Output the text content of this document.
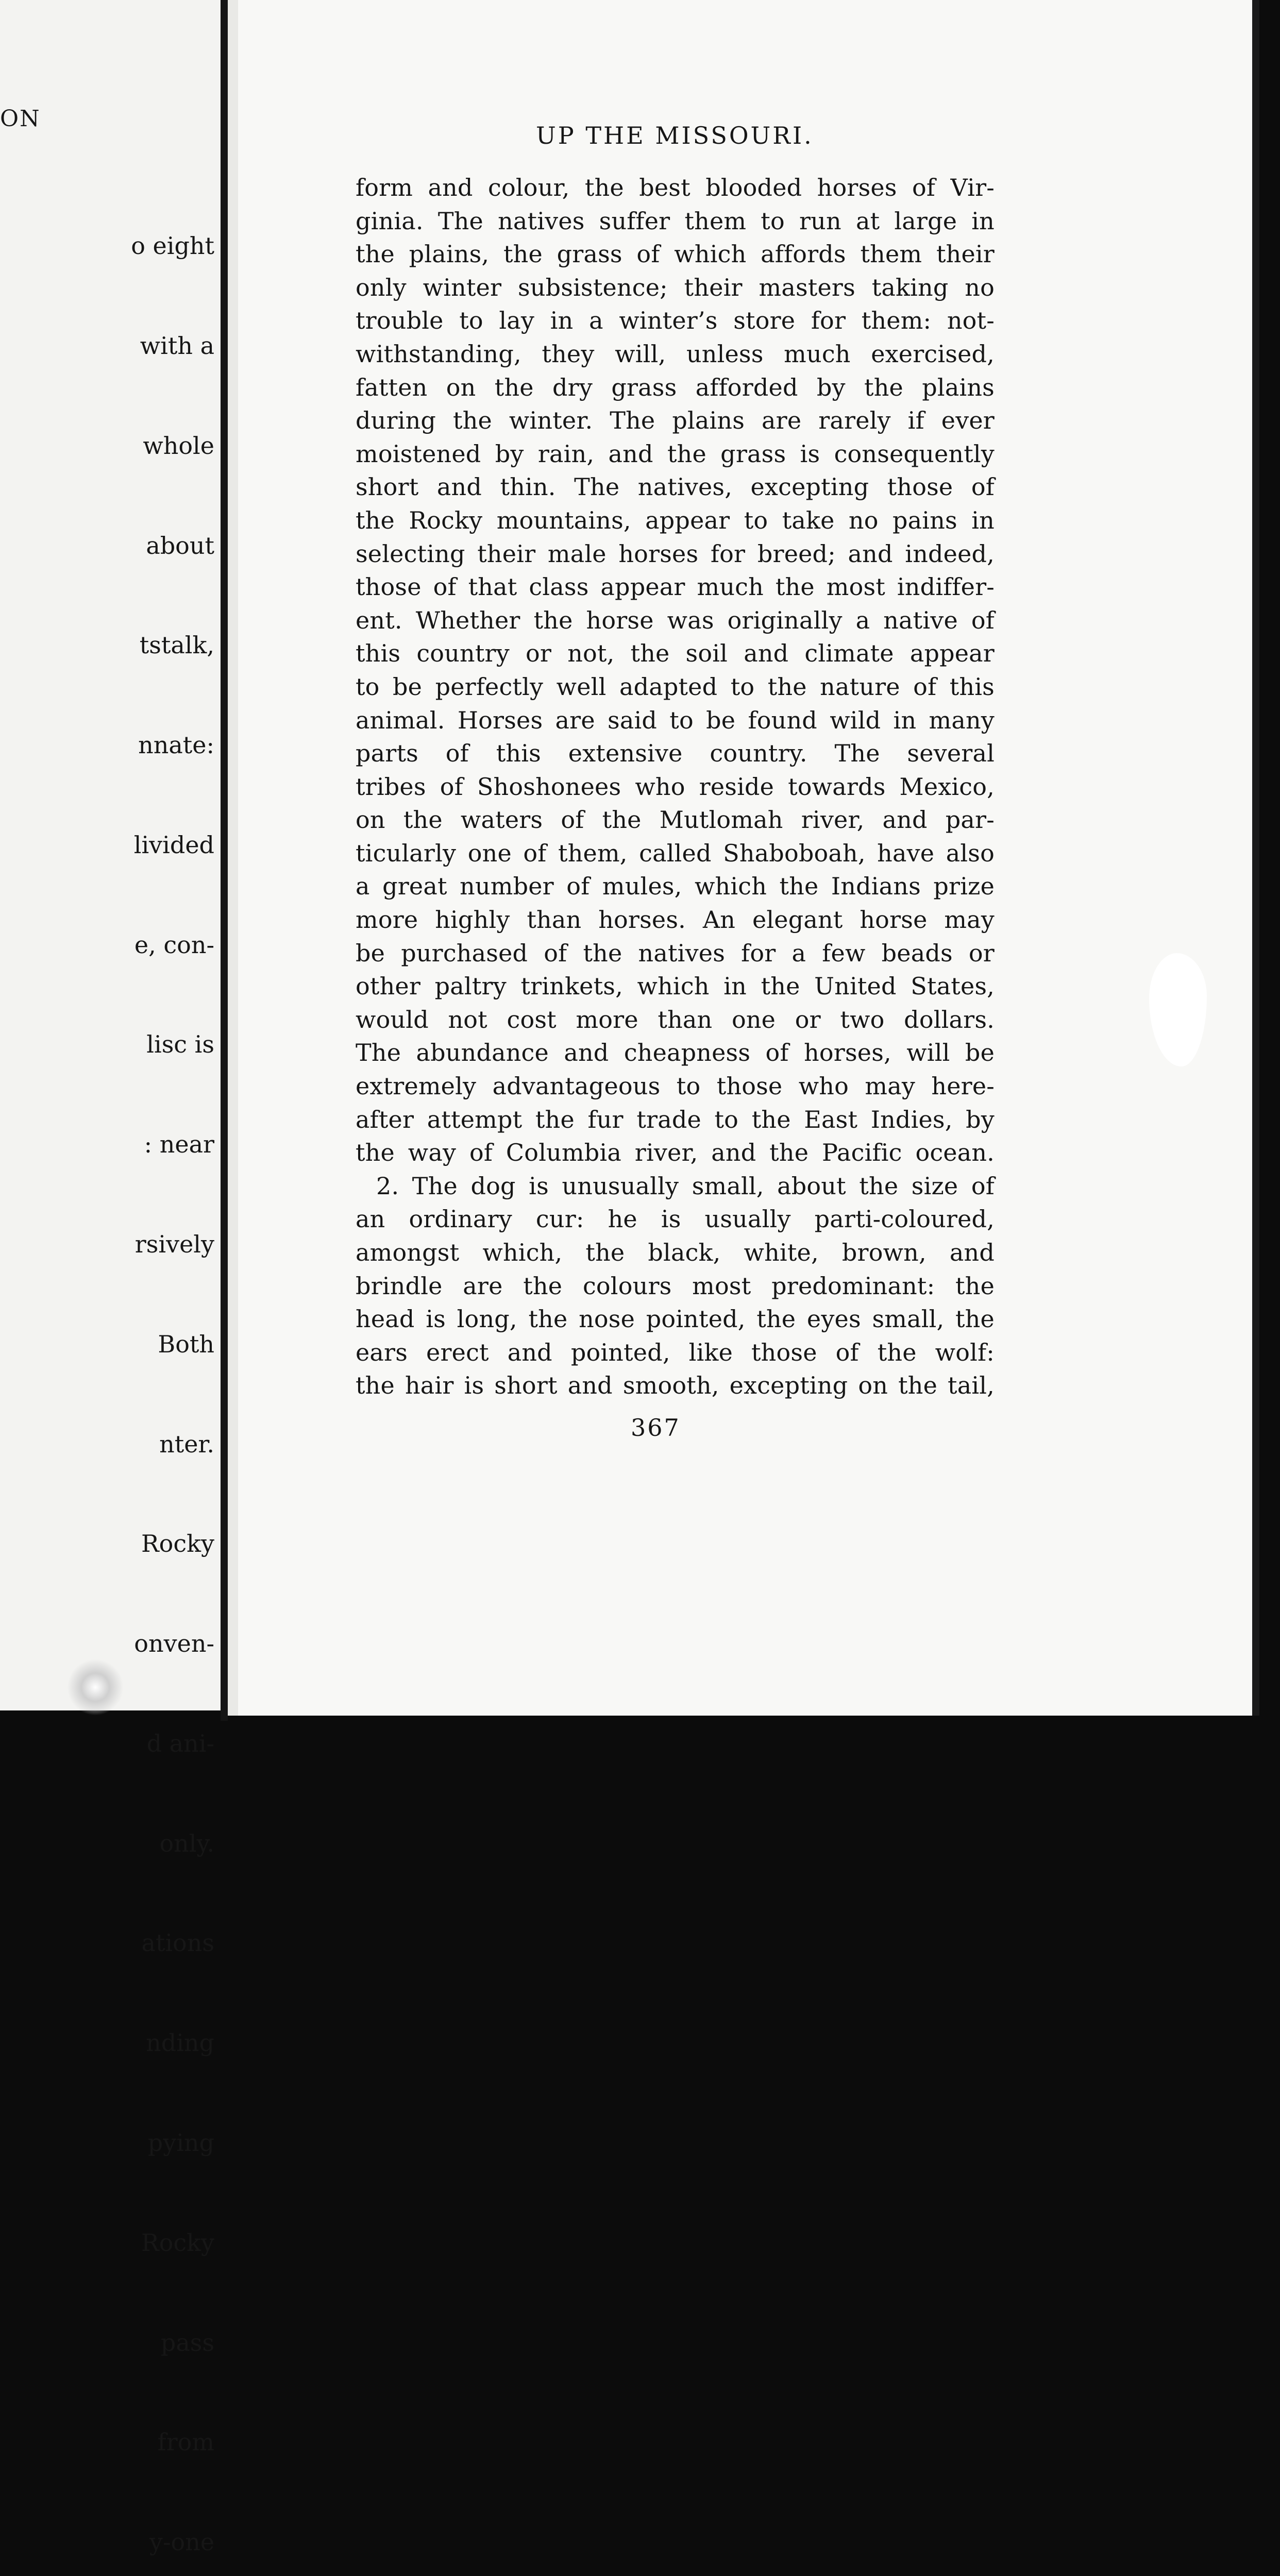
ON

o eight

with a

whole

about

tstalk,

nnate:

livided

e, con-

lisc is

: near

rsively

Both

nter.

Rocky

onven-

d ani-

only.

ations

nding

pying

Rocky

pass

from

y-one

UP THE MISSOURI.
form and colour, the best blooded horses of Vir-
ginia. The natives suffer them to run at large in
the plains, the grass of which affords them their
only winter subsistence; their masters taking no
trouble to lay in a winter’s store for them: not-
withstanding, they will, unless much exercised,
fatten on the dry grass afforded by the plains
during the winter. The plains are rarely if ever
moistened by rain, and the grass is consequently
short and thin. The natives, excepting those of
the Rocky mountains, appear to take no pains in
selecting their male horses for breed; and indeed,
those of that class appear much the most indiffer-
ent. Whether the horse was originally a native of
this country or not, the soil and climate appear
to be perfectly well adapted to the nature of this
animal. Horses are said to be found wild in many
parts of this extensive country. The several
tribes of Shoshonees who reside towards Mexico,
on the waters of the Mutlomah river, and par-
ticularly one of them, called Shaboboah, have also
a great number of mules, which the Indians prize
more highly than horses. An elegant horse may
be purchased of the natives for a few beads or
other paltry trinkets, which in the United States,
would not cost more than one or two dollars.
The abundance and cheapness of horses, will be
extremely advantageous to those who may here-
after attempt the fur trade to the East Indies, by
the way of Columbia river, and the Pacific ocean.
2. The dog is unusually small, about the size of
an ordinary cur: he is usually parti-coloured,
amongst which, the black, white, brown, and
brindle are the colours most predominant: the
head is long, the nose pointed, the eyes small, the
ears erect and pointed, like those of the wolf:
the hair is short and smooth, excepting on the tail,
367
